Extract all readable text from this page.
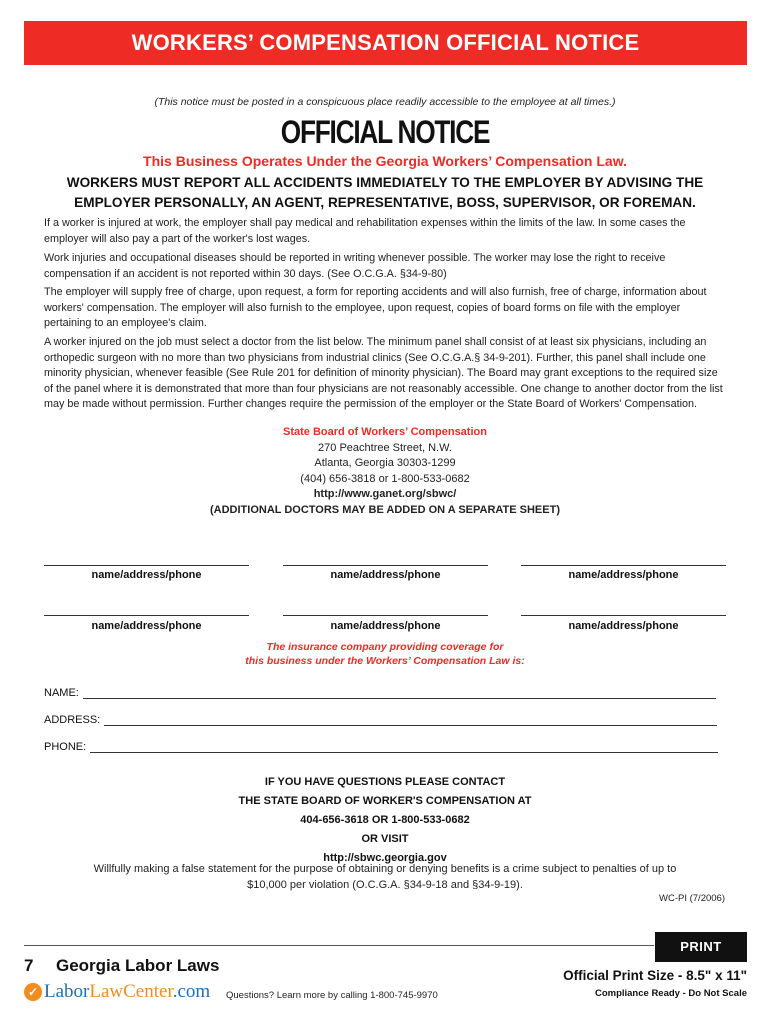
WORKERS’ COMPENSATION OFFICIAL NOTICE
(This notice must be posted in a conspicuous place readily accessible to the employee at all times.)
OFFICIAL NOTICE
This Business Operates Under the Georgia Workers’ Compensation Law.
WORKERS MUST REPORT ALL ACCIDENTS IMMEDIATELY TO THE EMPLOYER BY ADVISING THE EMPLOYER PERSONALLY, AN AGENT, REPRESENTATIVE, BOSS, SUPERVISOR, OR FOREMAN.
If a worker is injured at work, the employer shall pay medical and rehabilitation expenses within the limits of the law. In some cases the employer will also pay a part of the worker's lost wages.
Work injuries and occupational diseases should be reported in writing whenever possible. The worker may lose the right to receive compensation if an accident is not reported within 30 days. (See O.C.G.A. §34-9-80)
The employer will supply free of charge, upon request, a form for reporting accidents and will also furnish, free of charge, information about workers' compensation. The employer will also furnish to the employee, upon request, copies of board forms on file with the employer pertaining to an employee's claim.
A worker injured on the job must select a doctor from the list below. The minimum panel shall consist of at least six physicians, including an orthopedic surgeon with no more than two physicians from industrial clinics (See O.C.G.A.§ 34-9-201). Further, this panel shall include one minority physician, whenever feasible (See Rule 201 for definition of minority physician). The Board may grant exceptions to the required size of the panel where it is demonstrated that more than four physicians are not reasonably accessible. One change to another doctor from the list may be made without permission. Further changes require the permission of the employer or the State Board of Workers' Compensation.
State Board of Workers’ Compensation
270 Peachtree Street, N.W.
Atlanta, Georgia 30303-1299
(404) 656-3818 or 1-800-533-0682
http://www.ganet.org/sbwc/
(ADDITIONAL DOCTORS MAY BE ADDED ON A SEPARATE SHEET)
name/address/phone	name/address/phone	name/address/phone
name/address/phone	name/address/phone	name/address/phone
The insurance company providing coverage for
this business under the Workers’ Compensation Law is:
NAME:
ADDRESS:
PHONE:
IF YOU HAVE QUESTIONS PLEASE CONTACT
THE STATE BOARD OF WORKER'S COMPENSATION AT
404-656-3618 OR 1-800-533-0682
OR VISIT
http://sbwc.georgia.gov
Willfully making a false statement for the purpose of obtaining or denying benefits is a crime subject to penalties of up to
$10,000 per violation (O.C.G.A. §34-9-18 and §34-9-19).
WC-PI (7/2006)
PRINT
7 Georgia Labor Laws
✓ LaborLawCenter.com Questions? Learn more by calling 1-800-745-9970
Official Print Size - 8.5" x 11"
Compliance Ready - Do Not Scale
